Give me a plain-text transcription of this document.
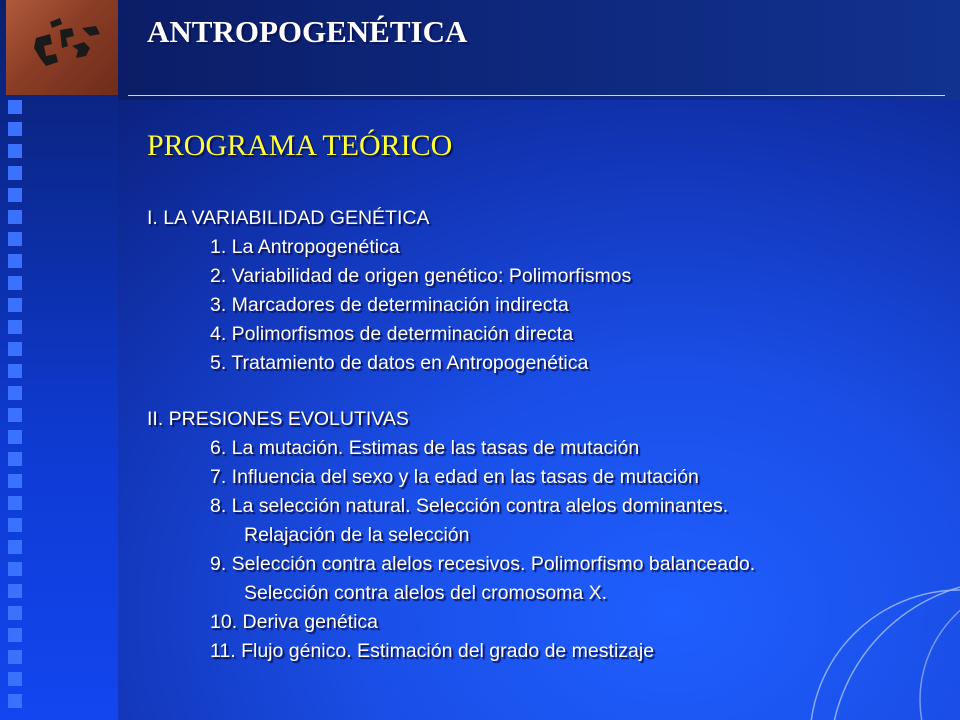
ANTROPOGENÉTICA
PROGRAMA TEÓRICO
I. LA VARIABILIDAD GENÉTICA
1. La Antropogenética
2. Variabilidad de origen genético: Polimorfismos
3. Marcadores de determinación indirecta
4. Polimorfismos de determinación directa
5. Tratamiento de datos en Antropogenética
II. PRESIONES EVOLUTIVAS
6. La mutación. Estimas de las tasas de mutación
7. Influencia del sexo y la edad en las tasas de mutación
8. La selección natural. Selección contra alelos dominantes.
Relajación de la selección
9. Selección contra alelos recesivos. Polimorfismo balanceado.
Selección contra alelos del cromosoma X.
10. Deriva genética
11. Flujo génico. Estimación del grado de mestizaje
